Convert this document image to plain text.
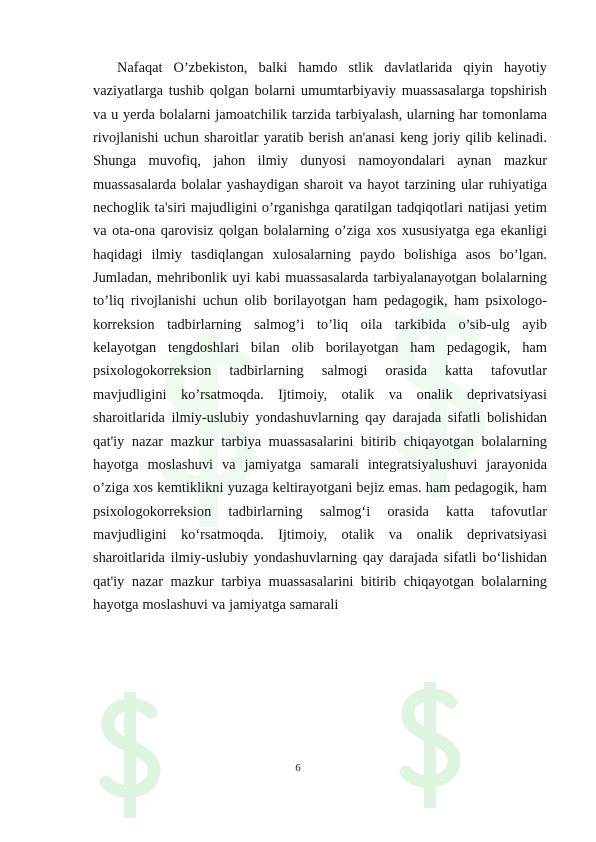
Nafaqat O’zbekiston, balki hamdo stlik davlatlarida qiyin hayotiy vaziyatlarga tushib qolgan bolarni umumtarbiyaviy muassasalarga topshirish va u yerda bolalarni jamoatchilik tarzida tarbiyalash, ularning har tomonlama rivojlanishi uchun sharoitlar yaratib berish an'anasi keng joriy qilib kelinadi. Shunga muvofiq, jahon ilmiy dunyosi namoyondalari aynan mazkur muassasalarda bolalar yashaydigan sharoit va hayot tarzining ular ruhiyatiga nechoglik ta'siri majudligini o’rganishga qaratilgan tadqiqotlari natijasi yetim va ota-ona qarovisiz qolgan bolalarning o’ziga xos xususiyatga ega ekanligi haqidagi ilmiy tasdiqlangan xulosalarning paydo bolishiga asos bo’lgan. Jumladan, mehribonlik uyi kabi muassasalarda tarbiyalanayotgan bolalarning to’liq rivojlanishi uchun olib borilayotgan ham pedagogik, ham psixologo-korreksion tadbirlarning salmog’i to’liq oila tarkibida o’sib-ulg ayib kelayotgan tengdoshlari bilan olib borilayotgan ham pedagogik, ham psixologokorreksion tadbirlarning salmogi orasida katta tafovutlar mavjudligini ko’rsatmoqda. Ijtimoiy, otalik va onalik deprivatsiyasi sharoitlarida ilmiy-uslubiy yondashuvlarning qay darajada sifatli bolishidan qat'iy nazar mazkur tarbiya muassasalarini bitirib chiqayotgan bolalarning hayotga moslashuvi va jamiyatga samarali integratsiyalushuvi jarayonida o’ziga xos kemtiklikni yuzaga keltirayotgani bejiz emas. ham pedagogik, ham psixologokorreksion tadbirlarning salmog‘i orasida katta tafovutlar mavjudligini ko‘rsatmoqda. Ijtimoiy, otalik va onalik deprivatsiyasi sharoitlarida ilmiy-uslubiy yondashuvlarning qay darajada sifatli bo‘lishidan qat'iy nazar mazkur tarbiya muassasalarini bitirib chiqayotgan bolalarning hayotga moslashuvi va jamiyatga samarali

6
